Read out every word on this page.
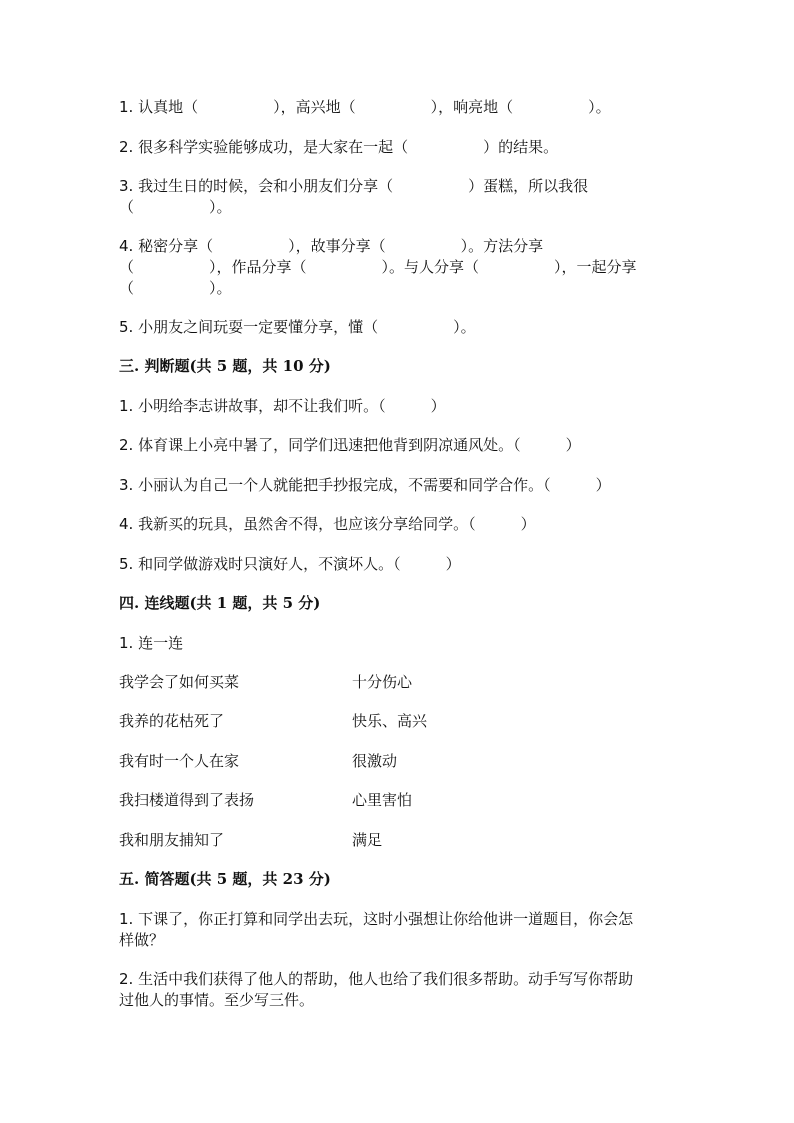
1. 认真地（　　　　　），高兴地（　　　　　），响亮地（　　　　　）。
2. 很多科学实验能够成功，是大家在一起（　　　　　）的结果。
3. 我过生日的时候，会和小朋友们分享（　　　　　）蛋糕，所以我很
（　　　　　）。
4. 秘密分享（　　　　　），故事分享（　　　　　）。方法分享
（　　　　　），作品分享（　　　　　）。与人分享（　　　　　），一起分享
（　　　　　）。
5. 小朋友之间玩耍一定要懂分享，懂（　　　　　）。
三. 判断题(共 5 题，共 10 分)
1. 小明给李志讲故事，却不让我们听。（　　　）
2. 体育课上小亮中暑了，同学们迅速把他背到阴凉通风处。（　　　）
3. 小丽认为自己一个人就能把手抄报完成，不需要和同学合作。（　　　）
4. 我新买的玩具，虽然舍不得，也应该分享给同学。（　　　）
5. 和同学做游戏时只演好人，不演坏人。（　　　）
四. 连线题(共 1 题，共 5 分)
1. 连一连
我学会了如何买菜	十分伤心
我养的花枯死了	快乐、高兴
我有时一个人在家	很激动
我扫楼道得到了表扬	心里害怕
我和朋友捕知了	满足
五. 简答题(共 5 题，共 23 分)
1. 下课了，你正打算和同学出去玩，这时小强想让你给他讲一道题目，你会怎
样做？
2. 生活中我们获得了他人的帮助，他人也给了我们很多帮助。动手写写你帮助
过他人的事情。至少写三件。
